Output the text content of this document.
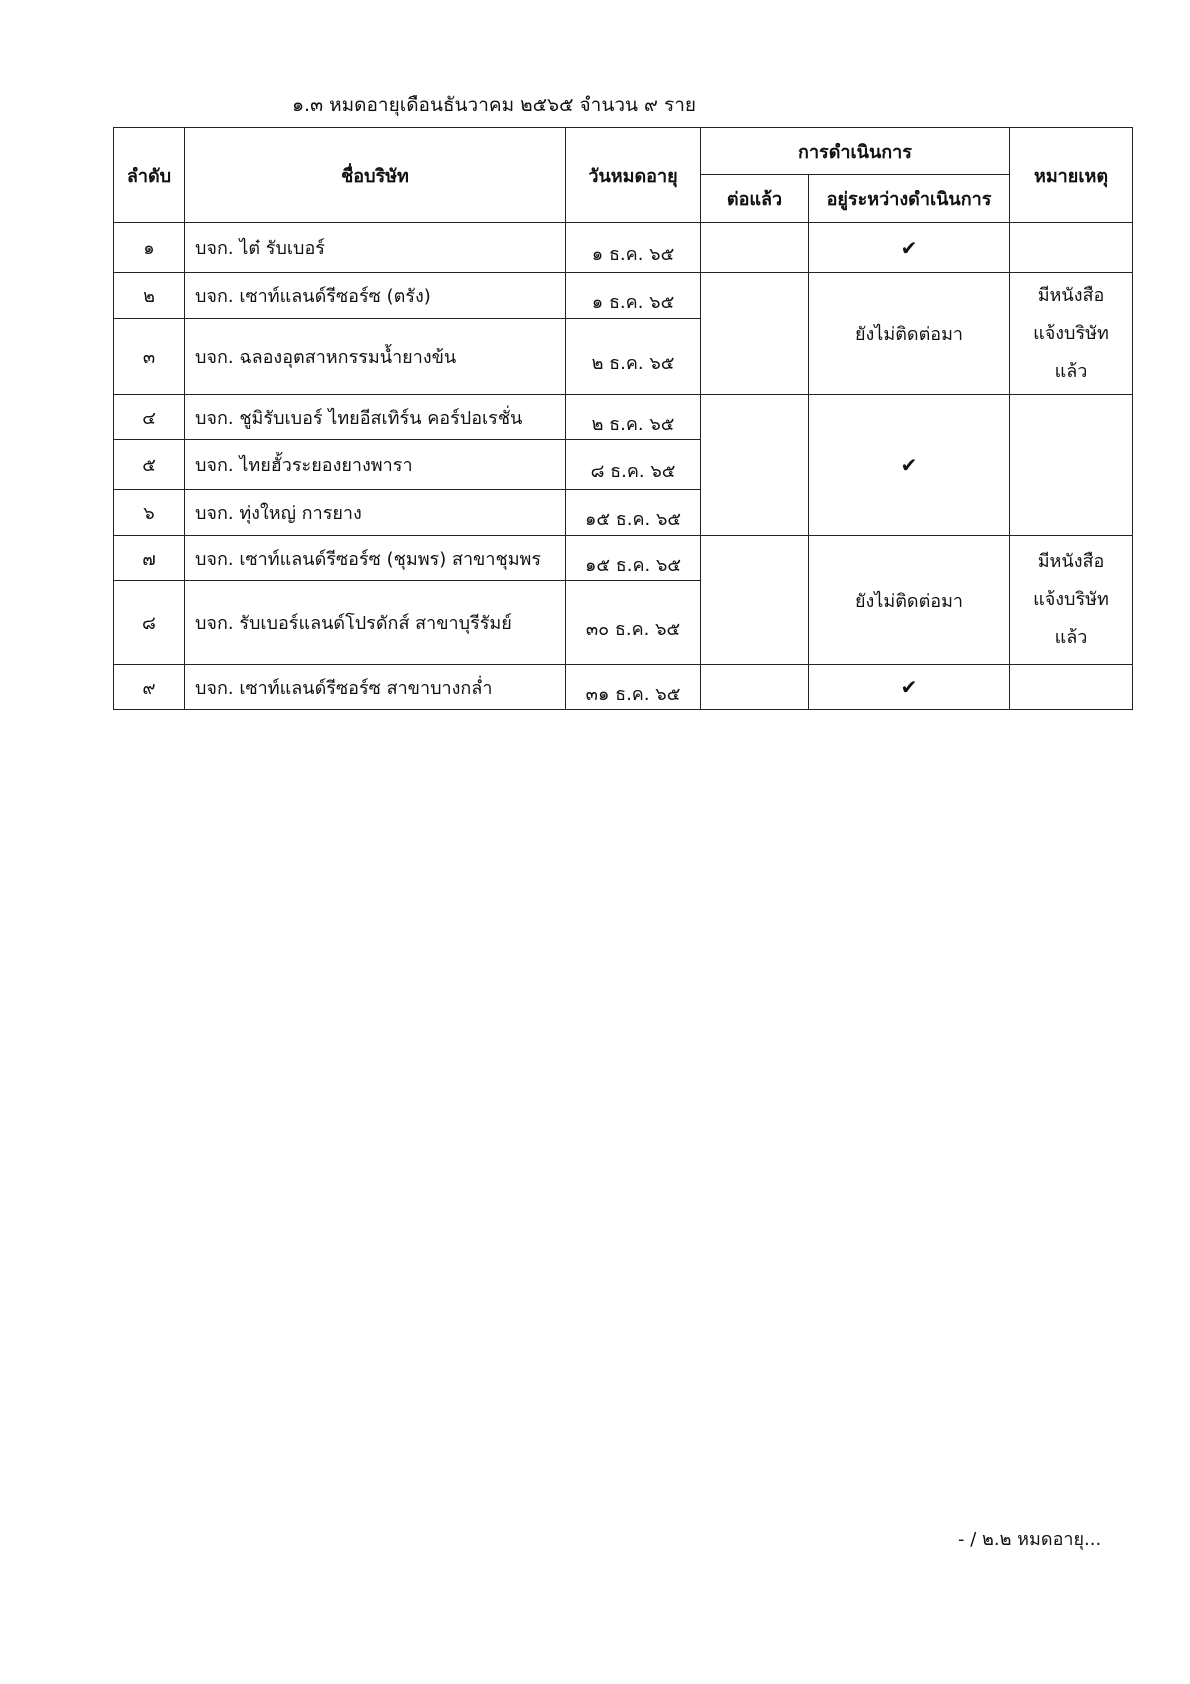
๑.๓ หมดอายุเดือนธันวาคม ๒๕๖๕ จำนวน ๙ ราย
ลำดับ	ชื่อบริษัท	วันหมดอายุ	การดำเนินการ		หมายเหตุ
			ต่อแล้ว	อยู่ระหว่างดำเนินการ	
๑	บจก. ไต๋ รับเบอร์	๑ ธ.ค. ๖๕		✔	
๒	บจก. เซาท์แลนด์รีซอร์ซ (ตรัง)	๑ ธ.ค. ๖๕		ยังไม่ติดต่อมา	มีหนังสือ
แจ้งบริษัท
แล้ว

๓	บจก. ฉลองอุตสาหกรรมน้ำยางข้น	๒ ธ.ค. ๖๕			
๔	บจก. ชูมิรับเบอร์ ไทยอีสเทิร์น คอร์ปอเรชั่น	๒ ธ.ค. ๖๕		✔	
๕	บจก. ไทยฮั้วระยองยางพารา	๘ ธ.ค. ๖๕			
๖	บจก. ทุ่งใหญ่ การยาง	๑๕ ธ.ค. ๖๕			
๗	บจก. เซาท์แลนด์รีซอร์ซ (ชุมพร) สาขาชุมพร	๑๕ ธ.ค. ๖๕		ยังไม่ติดต่อมา	มีหนังสือ
แจ้งบริษัท
แล้ว

๘	บจก. รับเบอร์แลนด์โปรดักส์ สาขาบุรีรัมย์	๓๐ ธ.ค. ๖๕			
๙	บจก. เซาท์แลนด์รีซอร์ซ สาขาบางกล่ำ	๓๑ ธ.ค. ๖๕		✔	
- / ๒.๒ หมดอายุ...
